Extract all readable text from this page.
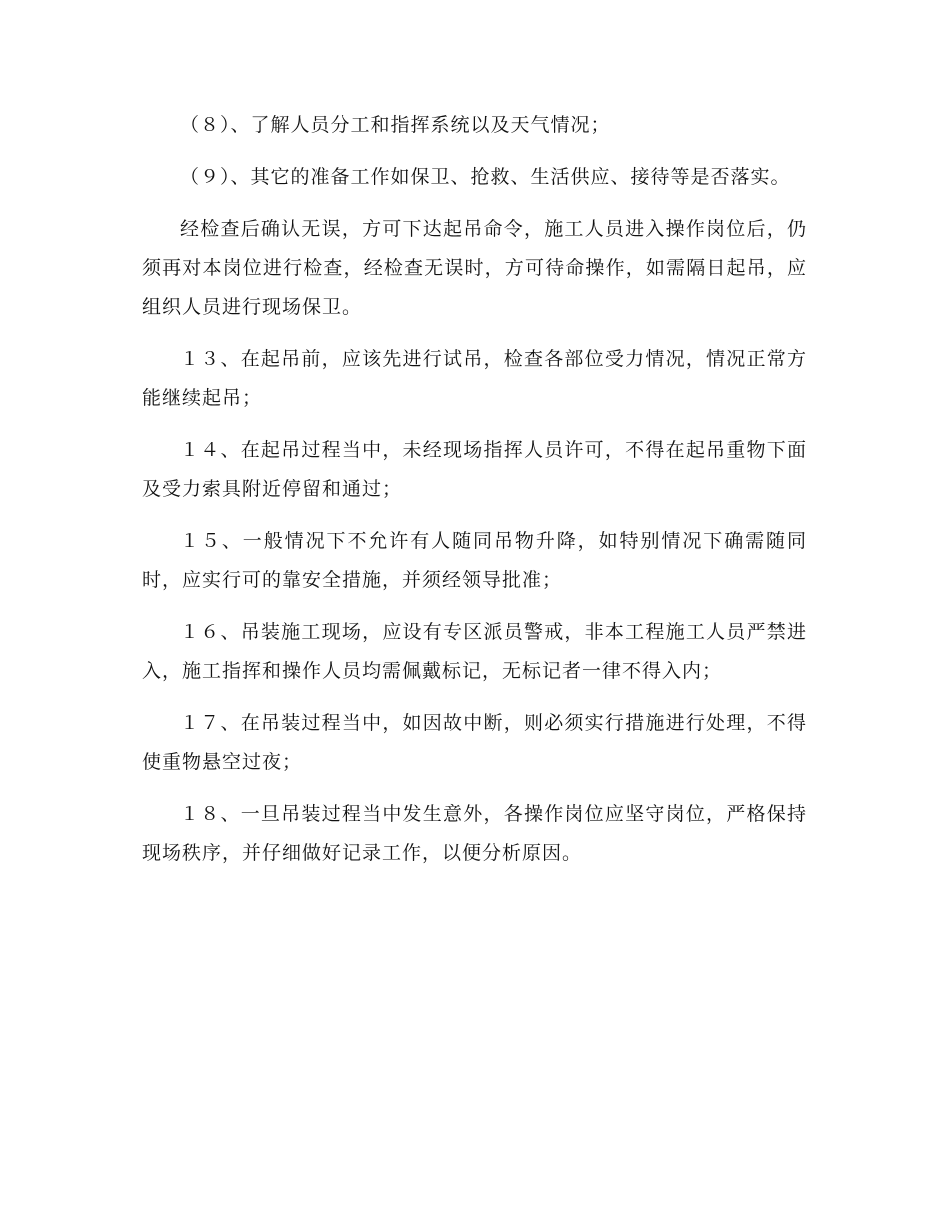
（８）、了解人员分工和指挥系统以及天气情况；

（９）、其它的准备工作如保卫、抢救、生活供应、接待等是否落实。

经检查后确认无误，方可下达起吊命令，施工人员进入操作岗位后，仍须再对本岗位进行检查，经检查无误时，方可待命操作，如需隔日起吊，应组织人员进行现场保卫。

１３、在起吊前，应该先进行试吊，检查各部位受力情况，情况正常方能继续起吊；

１４、在起吊过程当中，未经现场指挥人员许可，不得在起吊重物下面及受力索具附近停留和通过；

１５、一般情况下不允许有人随同吊物升降，如特别情况下确需随同时，应实行可的靠安全措施，并须经领导批准；

１６、吊装施工现场，应设有专区派员警戒，非本工程施工人员严禁进入，施工指挥和操作人员均需佩戴标记，无标记者一律不得入内；

１７、在吊装过程当中，如因故中断，则必须实行措施进行处理，不得使重物悬空过夜；

１８、一旦吊装过程当中发生意外，各操作岗位应坚守岗位，严格保持现场秩序，并仔细做好记录工作，以便分析原因。
